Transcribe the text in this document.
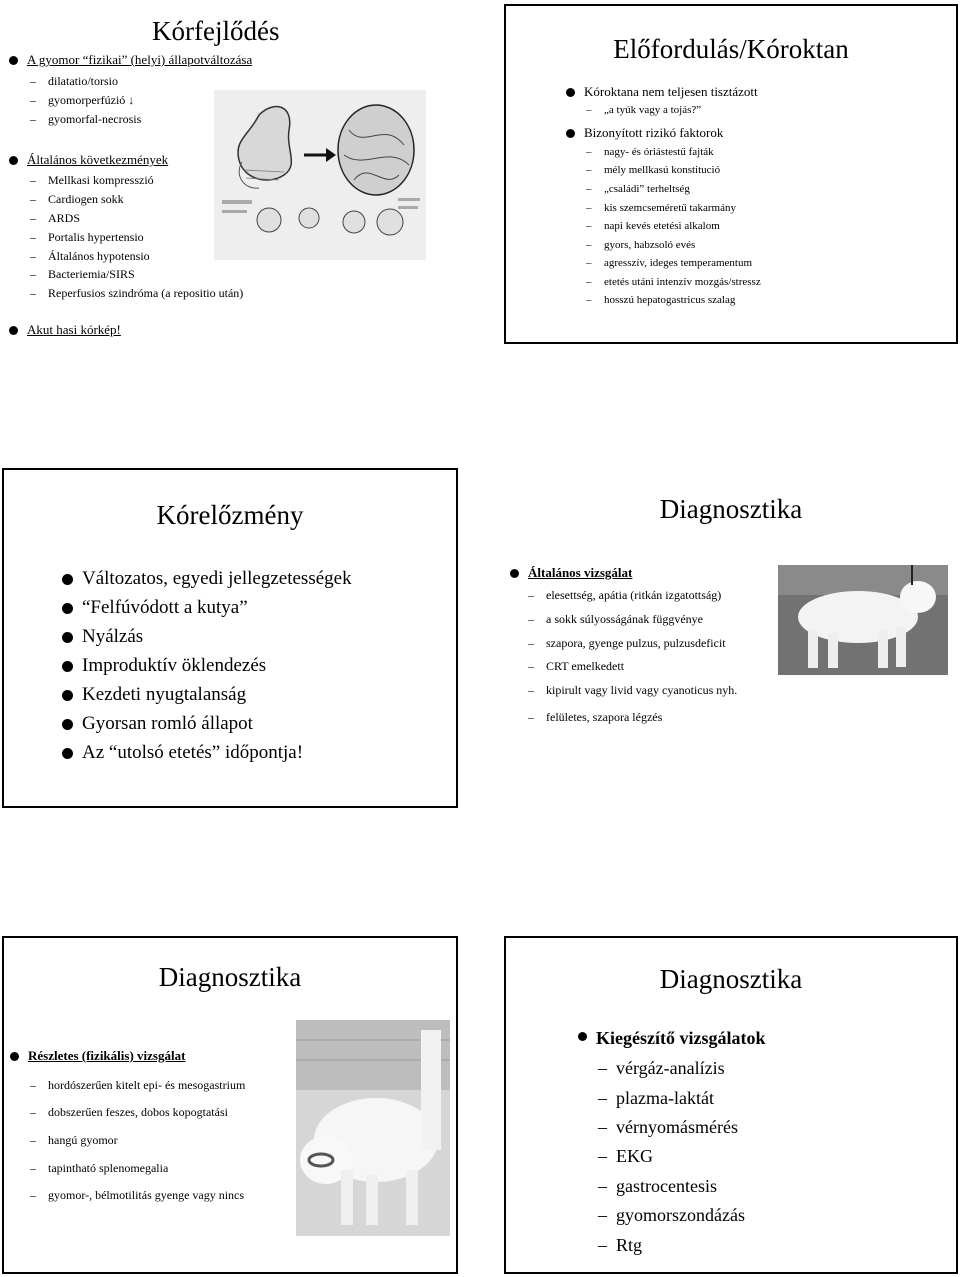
Kórfejlődés
A gyomor “fizikai” (helyi) állapotváltozása
– dilatatio/torsio
– gyomorperfúzió ↓
– gyomorfal-necrosis
Általános következmények
– Mellkasi kompresszió
– Cardiogen sokk
– ARDS
– Portalis hypertensio
– Általános hypotensio
– Bacteriemia/SIRS
– Reperfusios szindróma (a repositio után)
Akut hasi kórkép!
Előfordulás/Kóroktan
Kóroktana nem teljesen tisztázott
– „a tyúk vagy a tojás?”
Bizonyított rizikó faktorok
– nagy- és óriástestű fajták
– mély mellkasú konstitució
– „családi” terheltség
– kis szemcseméretű takarmány
– napi kevés etetési alkalom
– gyors, habzsoló evés
– agresszív, ideges temperamentum
– etetés utáni intenzív mozgás/stressz
– hosszú hepatogastricus szalag
Kórelőzmény
Változatos, egyedi jellegzetességek
“Felfúvódott a kutya”
Nyálzás
Improduktív öklendezés
Kezdeti nyugtalanság
Gyorsan romló állapot
Az “utolsó etetés” időpontja!
Diagnosztika
Általános vizsgálat
– elesettség, apátia (ritkán izgatottság)
– a sokk súlyosságának függvénye
– szapora, gyenge pulzus, pulzusdeficit
– CRT emelkedett
– kipirult vagy livid vagy cyanoticus nyh.
– felületes, szapora légzés
Diagnosztika
Részletes (fizikális) vizsgálat
– hordószerűen kitelt epi- és mesogastrium
– dobszerűen feszes, dobos kopogtatási
– hangú gyomor
– tapintható splenomegalia
– gyomor-, bélmotilitás gyenge vagy nincs
Diagnosztika
Kiegészítő vizsgálatok
– vérgáz-analízis
– plazma-laktát
– vérnyomásmérés
– EKG
– gastrocentesis
– gyomorszondázás
– Rtg
